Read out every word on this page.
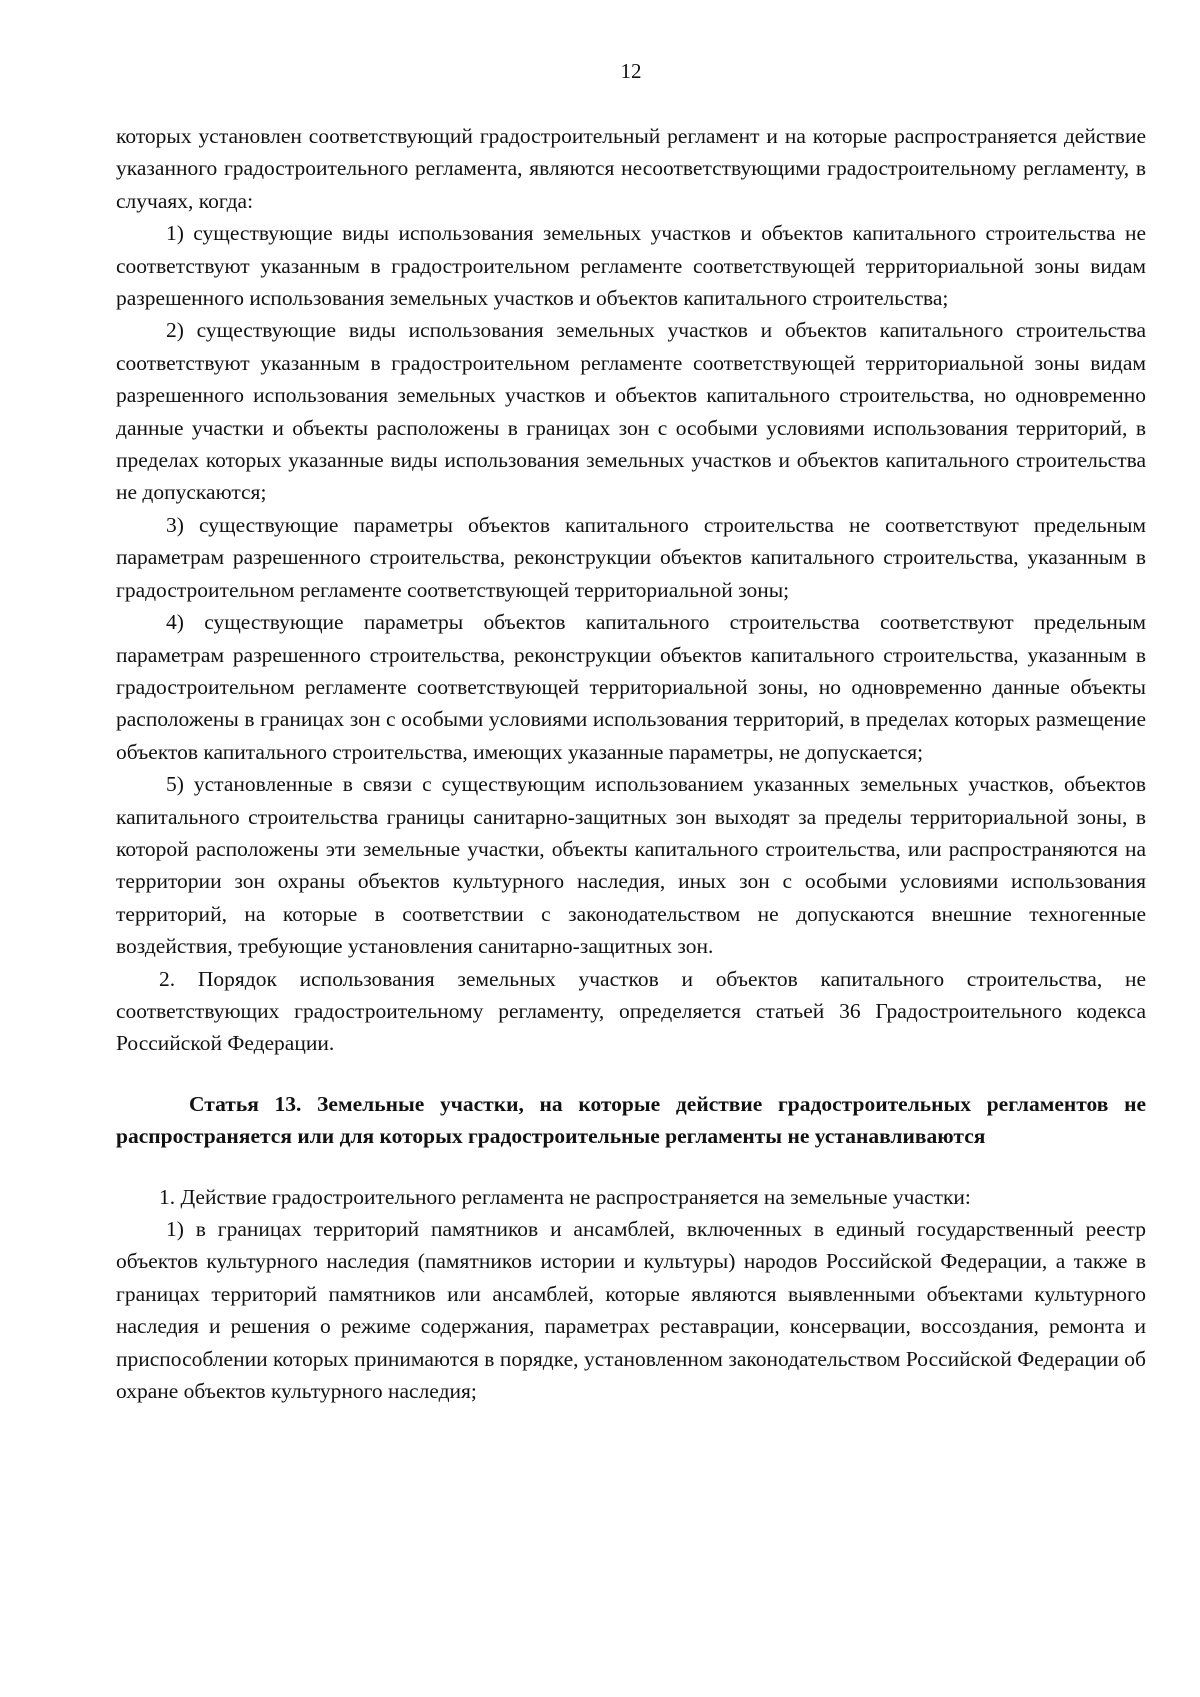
12

которых установлен соответствующий градостроительный регламент и на которые распространяется действие указанного градостроительного регламента, являются несоответствующими градостроительному регламенту, в случаях, когда:

1) существующие виды использования земельных участков и объектов капитального строительства не соответствуют указанным в градостроительном регламенте соответствующей территориальной зоны видам разрешенного использования земельных участков и объектов капитального строительства;

2) существующие виды использования земельных участков и объектов капитального строительства соответствуют указанным в градостроительном регламенте соответствующей территориальной зоны видам разрешенного использования земельных участков и объектов капитального строительства, но одновременно данные участки и объекты расположены в границах зон с особыми условиями использования территорий, в пределах которых указанные виды использования земельных участков и объектов капитального строительства не допускаются;

3) существующие параметры объектов капитального строительства не соответствуют предельным параметрам разрешенного строительства, реконструкции объектов капитального строительства, указанным в градостроительном регламенте соответствующей территориальной зоны;

4) существующие параметры объектов капитального строительства соответствуют предельным параметрам разрешенного строительства, реконструкции объектов капитального строительства, указанным в градостроительном регламенте соответствующей территориальной зоны, но одновременно данные объекты расположены в границах зон с особыми условиями использования территорий, в пределах которых размещение объектов капитального строительства, имеющих указанные параметры, не допускается;

5) установленные в связи с существующим использованием указанных земельных участков, объектов капитального строительства границы санитарно-защитных зон выходят за пределы территориальной зоны, в которой расположены эти земельные участки, объекты капитального строительства, или распространяются на территории зон охраны объектов культурного наследия, иных зон с особыми условиями использования территорий, на которые в соответствии с законодательством не допускаются внешние техногенные воздействия, требующие установления санитарно-защитных зон.

2. Порядок использования земельных участков и объектов капитального строительства, не соответствующих градостроительному регламенту, определяется статьей 36 Градостроительного кодекса Российской Федерации.

Статья 13. Земельные участки, на которые действие градостроительных регламентов не распространяется или для которых градостроительные регламенты не устанавливаются

1. Действие градостроительного регламента не распространяется на земельные участки:

1) в границах территорий памятников и ансамблей, включенных в единый государственный реестр объектов культурного наследия (памятников истории и культуры) народов Российской Федерации, а также в границах территорий памятников или ансамблей, которые являются выявленными объектами культурного наследия и решения о режиме содержания, параметрах реставрации, консервации, воссоздания, ремонта и приспособлении которых принимаются в порядке, установленном законодательством Российской Федерации об охране объектов культурного наследия;
